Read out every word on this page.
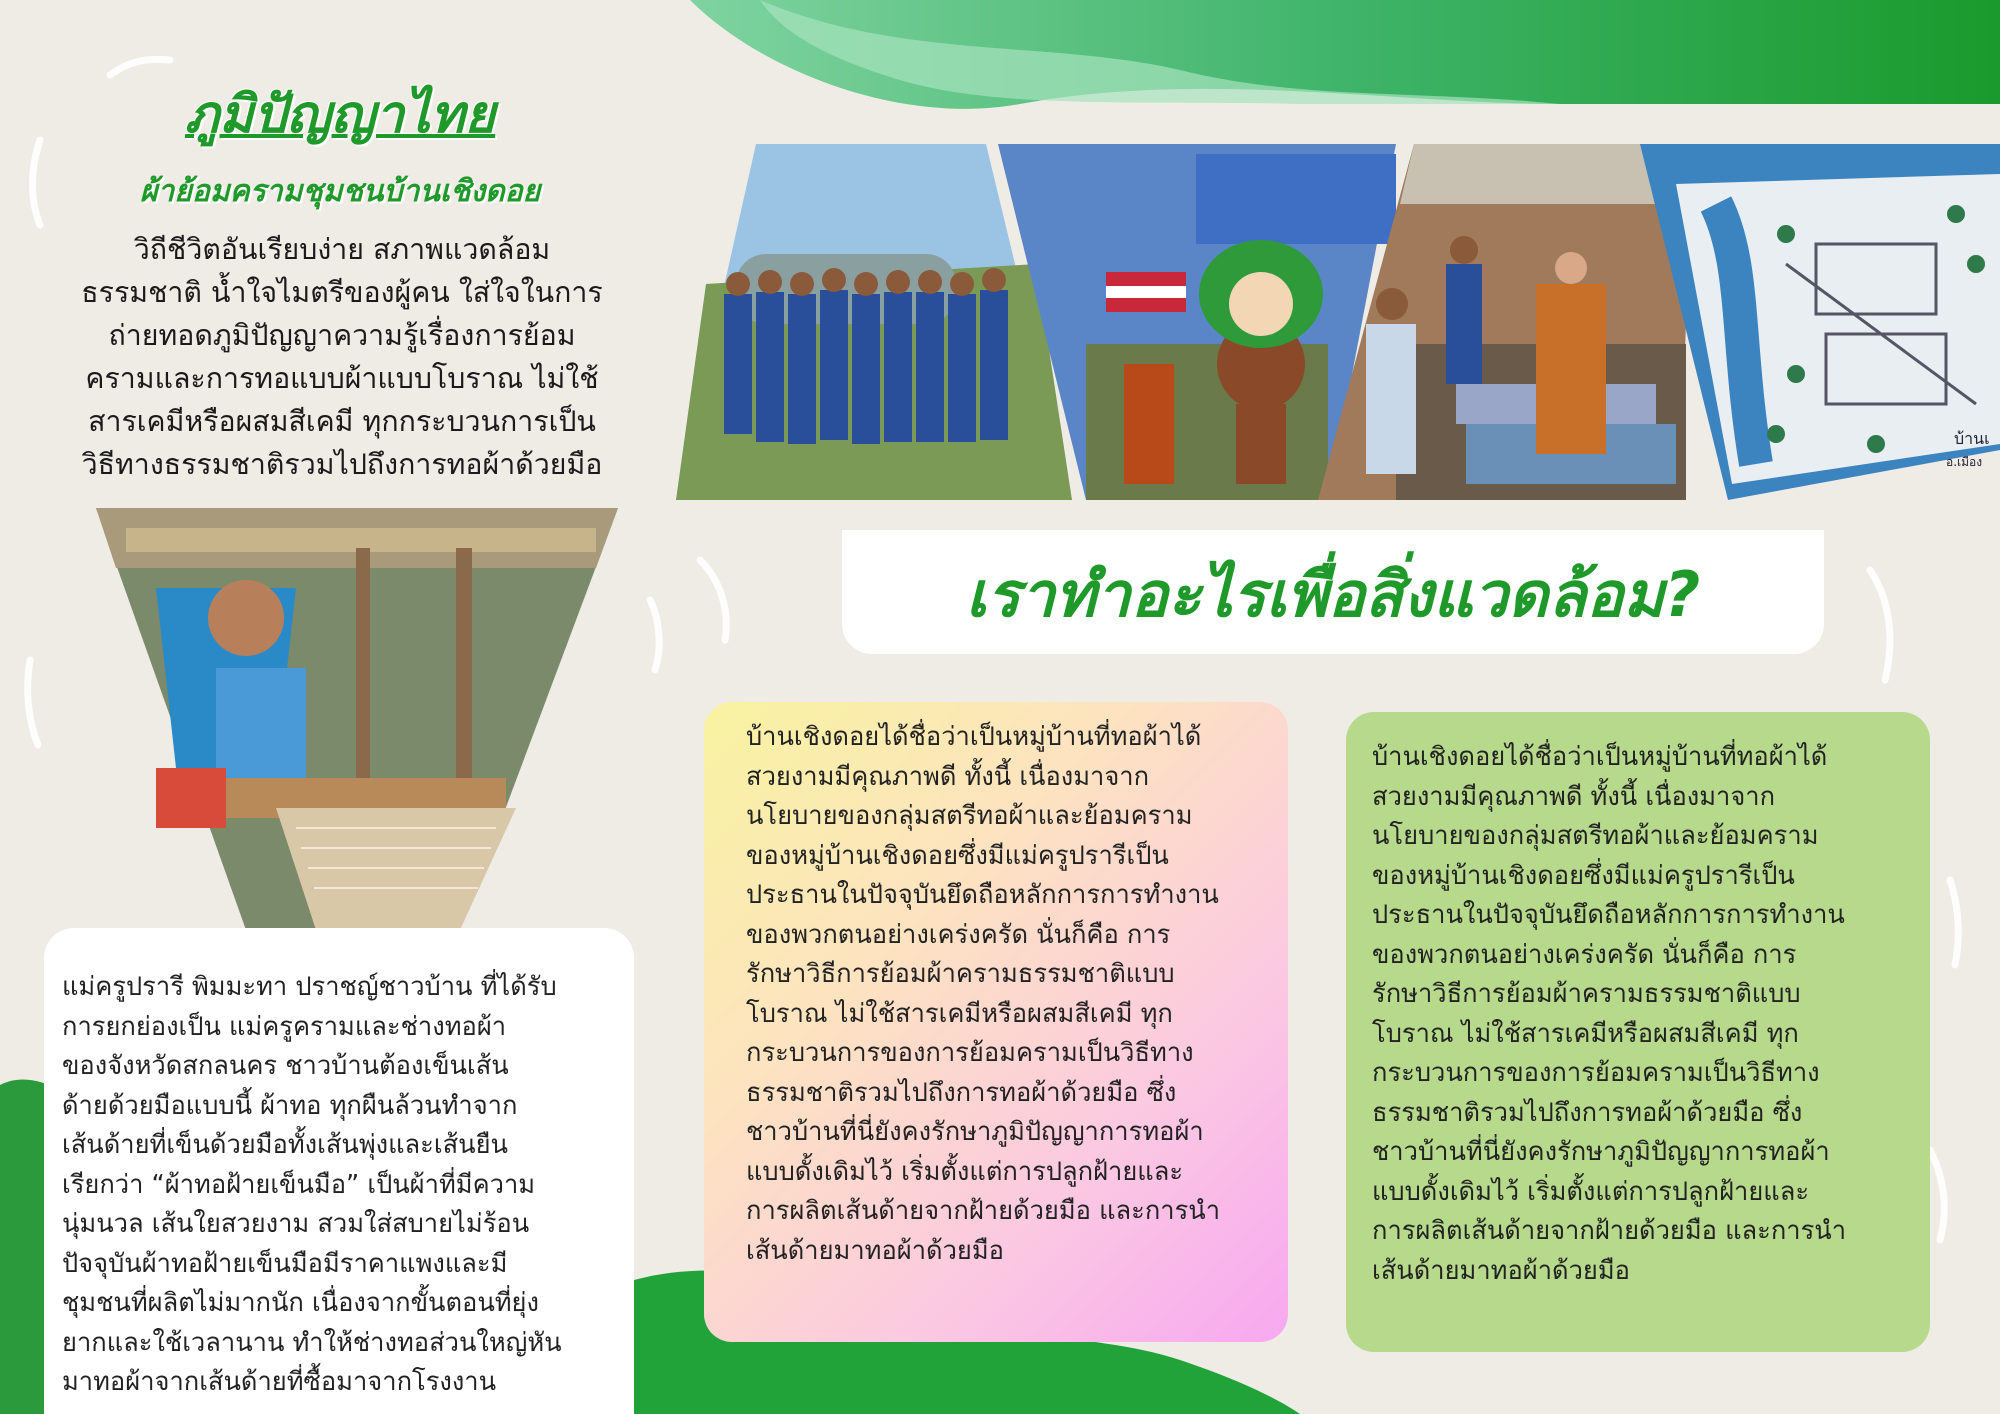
ภูมิปัญญาไทย
ผ้าย้อมครามชุมชนบ้านเชิงดอย
วิถีชีวิตอันเรียบง่าย สภาพแวดล้อม
ธรรมชาติ น้ำใจไมตรีของผู้คน ใส่ใจในการ
ถ่ายทอดภูมิปัญญาความรู้เรื่องการย้อม
ครามและการทอแบบผ้าแบบโบราณ ไม่ใช้
สารเคมีหรือผสมสีเคมี ทุกกระบวนการเป็น
วิธีทางธรรมชาติรวมไปถึงการทอผ้าด้วยมือ
บ้านเ
อ.เมือง
เราทำอะไรเพื่อสิ่งแวดล้อม?
แม่ครูปรารี พิมมะทา ปราชญ์ชาวบ้าน ที่ได้รับ
การยกย่องเป็น แม่ครูครามและช่างทอผ้า
ของจังหวัดสกลนคร ชาวบ้านต้องเข็นเส้น
ด้ายด้วยมือแบบนี้ ผ้าทอ ทุกผืนล้วนทำจาก
เส้นด้ายที่เข็นด้วยมือทั้งเส้นพุ่งและเส้นยืน
เรียกว่า “ผ้าทอฝ้ายเข็นมือ” เป็นผ้าที่มีความ
นุ่มนวล เส้นใยสวยงาม สวมใส่สบายไม่ร้อน
ปัจจุบันผ้าทอฝ้ายเข็นมือมีราคาแพงและมี
ชุมชนที่ผลิตไม่มากนัก เนื่องจากขั้นตอนที่ยุ่ง
ยากและใช้เวลานาน ทำให้ช่างทอส่วนใหญ่หัน
มาทอผ้าจากเส้นด้ายที่ซื้อมาจากโรงงาน
บ้านเชิงดอยได้ชื่อว่าเป็นหมู่บ้านที่ทอผ้าได้
สวยงามมีคุณภาพดี ทั้งนี้ เนื่องมาจาก
นโยบายของกลุ่มสตรีทอผ้าและย้อมคราม
ของหมู่บ้านเชิงดอยซึ่งมีแม่ครูปรารีเป็น
ประธานในปัจจุบันยึดถือหลักการการทำงาน
ของพวกตนอย่างเคร่งครัด นั่นก็คือ การ
รักษาวิธีการย้อมผ้าครามธรรมชาติแบบ
โบราณ ไม่ใช้สารเคมีหรือผสมสีเคมี ทุก
กระบวนการของการย้อมครามเป็นวิธีทาง
ธรรมชาติรวมไปถึงการทอผ้าด้วยมือ ซึ่ง
ชาวบ้านที่นี่ยังคงรักษาภูมิปัญญาการทอผ้า
แบบดั้งเดิมไว้ เริ่มตั้งแต่การปลูกฝ้ายและ
การผลิตเส้นด้ายจากฝ้ายด้วยมือ และการนำ
เส้นด้ายมาทอผ้าด้วยมือ
บ้านเชิงดอยได้ชื่อว่าเป็นหมู่บ้านที่ทอผ้าได้
สวยงามมีคุณภาพดี ทั้งนี้ เนื่องมาจาก
นโยบายของกลุ่มสตรีทอผ้าและย้อมคราม
ของหมู่บ้านเชิงดอยซึ่งมีแม่ครูปรารีเป็น
ประธานในปัจจุบันยึดถือหลักการการทำงาน
ของพวกตนอย่างเคร่งครัด นั่นก็คือ การ
รักษาวิธีการย้อมผ้าครามธรรมชาติแบบ
โบราณ ไม่ใช้สารเคมีหรือผสมสีเคมี ทุก
กระบวนการของการย้อมครามเป็นวิธีทาง
ธรรมชาติรวมไปถึงการทอผ้าด้วยมือ ซึ่ง
ชาวบ้านที่นี่ยังคงรักษาภูมิปัญญาการทอผ้า
แบบดั้งเดิมไว้ เริ่มตั้งแต่การปลูกฝ้ายและ
การผลิตเส้นด้ายจากฝ้ายด้วยมือ และการนำ
เส้นด้ายมาทอผ้าด้วยมือ
